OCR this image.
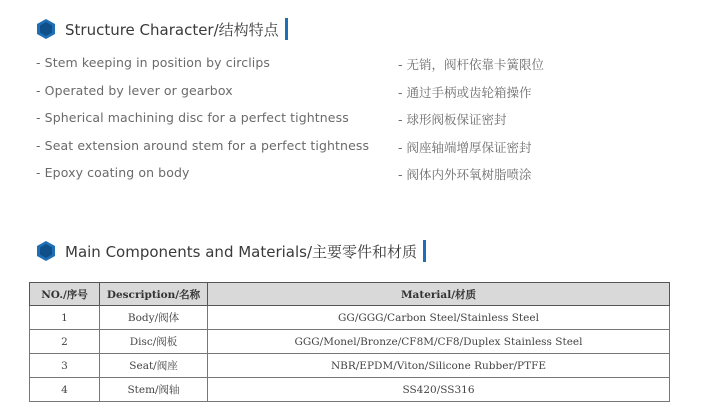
Structure Character/结构特点
- Stem keeping in position by circlips	- 无销，阀杆依靠卡簧限位
- Operated by lever or gearbox	- 通过手柄或齿轮箱操作
- Spherical machining disc for a perfect tightness	- 球形阀板保证密封
- Seat extension around stem for a perfect tightness - 阀座轴端增厚保证密封
- Epoxy coating on body	- 阀体内外环氧树脂喷涂
Main Components and Materials/主要零件和材质
NO./序号	Description/名称	Material/材质
1	Body/阀体	GG/GGG/Carbon Steel/Stainless Steel
2	Disc/阀板	GGG/Monel/Bronze/CF8M/CF8/Duplex Stainless Steel
3	Seat/阀座	NBR/EPDM/Viton/Silicone Rubber/PTFE
4	Stem/阀轴	SS420/SS316
